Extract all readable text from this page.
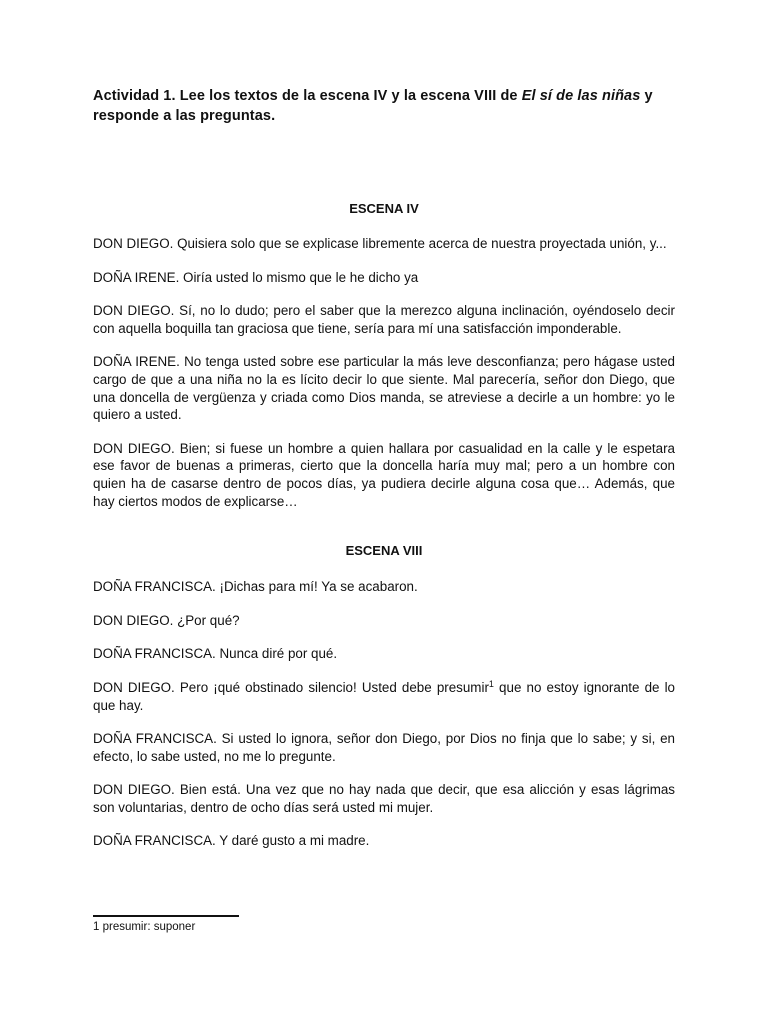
Actividad 1. Lee los textos de la escena IV y la escena VIII de El sí de las niñas y responde a las preguntas.

ESCENA IV

DON DIEGO. Quisiera solo que se explicase libremente acerca de nuestra proyectada unión, y...

DOÑA IRENE. Oiría usted lo mismo que le he dicho ya

DON DIEGO. Sí, no lo dudo; pero el saber que la merezco alguna inclinación, oyéndoselo decir con aquella boquilla tan graciosa que tiene, sería para mí una satisfacción imponderable.

DOÑA IRENE. No tenga usted sobre ese particular la más leve desconfianza; pero hágase usted cargo de que a una niña no la es lícito decir lo que siente. Mal parecería, señor don Diego, que una doncella de vergüenza y criada como Dios manda, se atreviese a decirle a un hombre: yo le quiero a usted.

DON DIEGO. Bien; si fuese un hombre a quien hallara por casualidad en la calle y le espetara ese favor de buenas a primeras, cierto que la doncella haría muy mal; pero a un hombre con quien ha de casarse dentro de pocos días, ya pudiera decirle alguna cosa que… Además, que hay ciertos modos de explicarse…

ESCENA VIII

DOÑA FRANCISCA. ¡Dichas para mí! Ya se acabaron.

DON DIEGO. ¿Por qué?

DOÑA FRANCISCA. Nunca diré por qué.

DON DIEGO. Pero ¡qué obstinado silencio! Usted debe presumir$^1$ que no estoy ignorante de lo que hay.

DOÑA FRANCISCA. Si usted lo ignora, señor don Diego, por Dios no finja que lo sabe; y si, en efecto, lo sabe usted, no me lo pregunte.

DON DIEGO. Bien está. Una vez que no hay nada que decir, que esa alicción y esas lágrimas son voluntarias, dentro de ocho días será usted mi mujer.

DOÑA FRANCISCA. Y daré gusto a mi madre.

1 presumir: suponer
